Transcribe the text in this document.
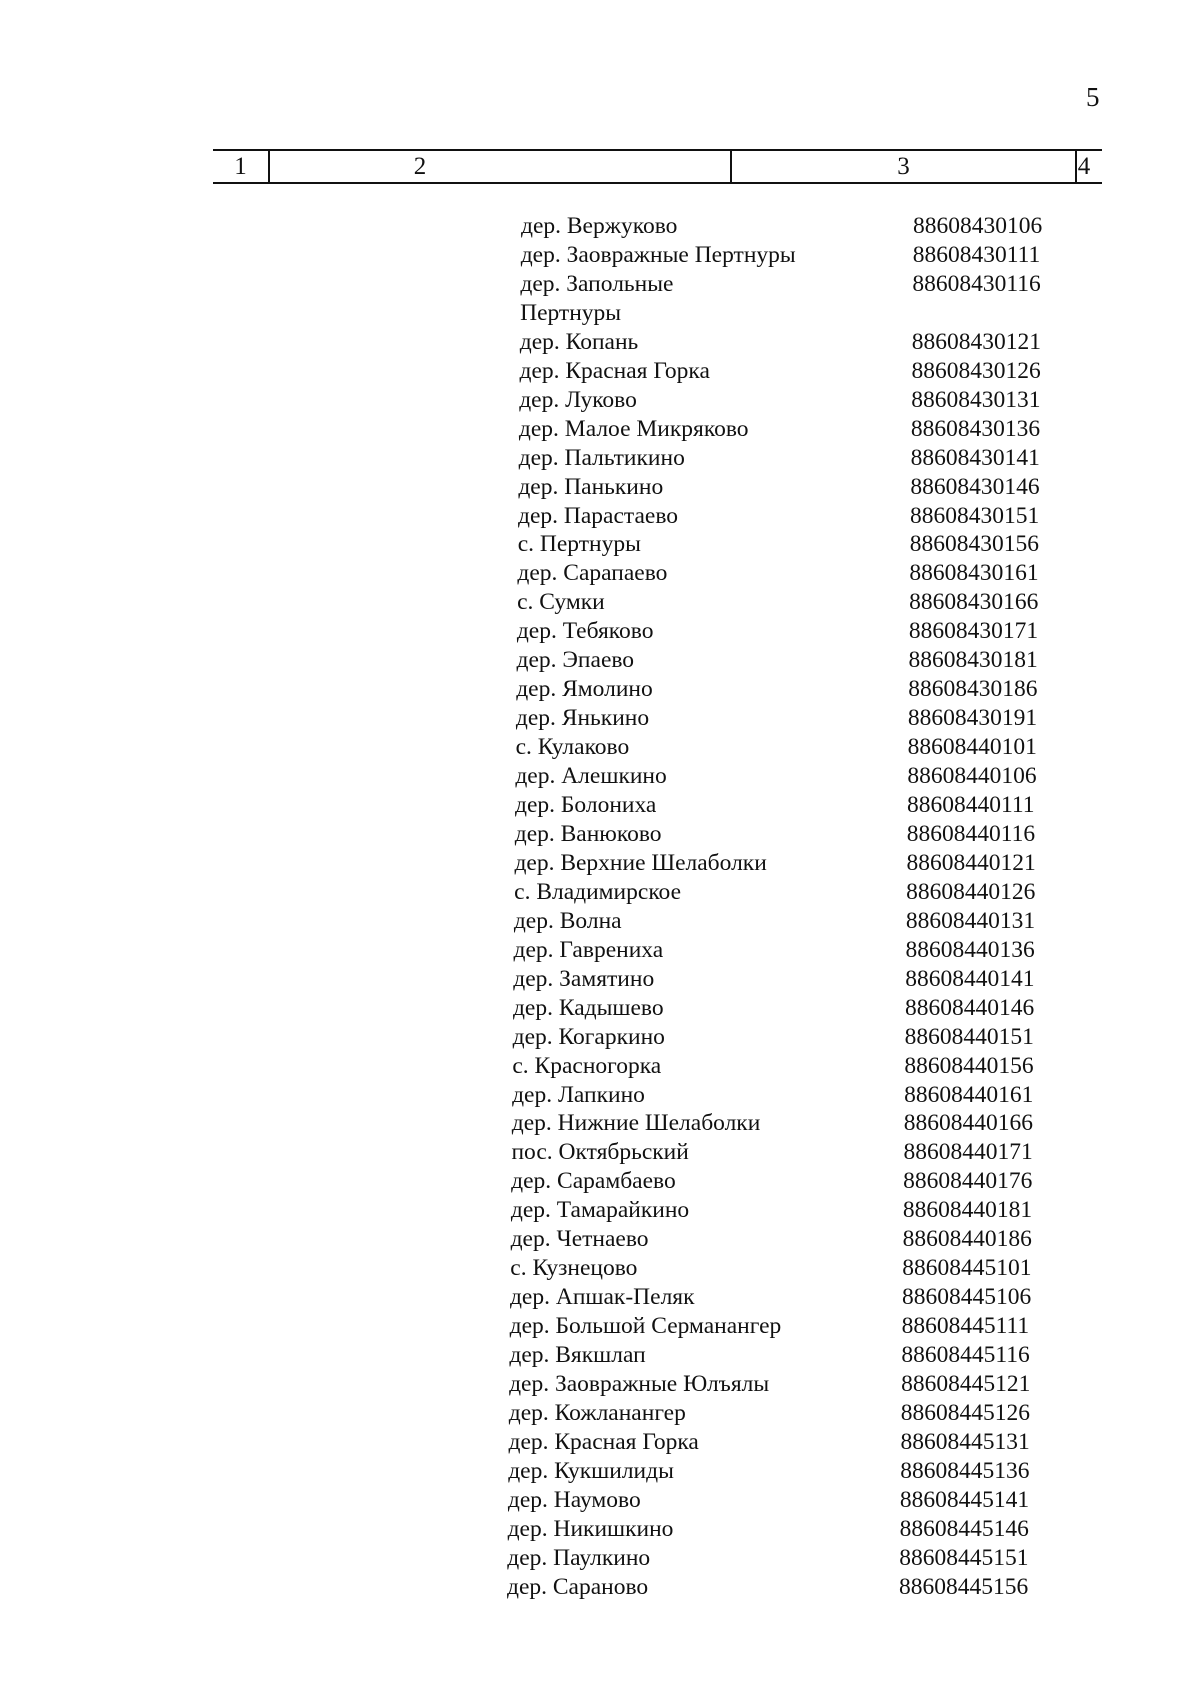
5
1	2	3	4
дер. Вержуково	88608430106
дер. Заовражные Пертнуры	88608430111
дер. Запольные	88608430116
Пертнуры
дер. Копань	88608430121
дер. Красная Горка	88608430126
дер. Луково	88608430131
дер. Малое Микряково	88608430136
дер. Пальтикино	88608430141
дер. Панькино	88608430146
дер. Парастаево	88608430151
с. Пертнуры	88608430156
дер. Сарапаево	88608430161
с. Сумки	88608430166
дер. Тебяково	88608430171
дер. Эпаево	88608430181
дер. Ямолино	88608430186
дер. Янькино	88608430191
с. Кулаково	88608440101
дер. Алешкино	88608440106
дер. Болониха	88608440111
дер. Ванюково	88608440116
дер. Верхние Шелаболки	88608440121
с. Владимирское	88608440126
дер. Волна	88608440131
дер. Гаврениха	88608440136
дер. Замятино	88608440141
дер. Кадышево	88608440146
дер. Когаркино	88608440151
с. Красногорка	88608440156
дер. Лапкино	88608440161
дер. Нижние Шелаболки	88608440166
пос. Октябрьский	88608440171
дер. Сарамбаево	88608440176
дер. Тамарайкино	88608440181
дер. Четнаево	88608440186
с. Кузнецово	88608445101
дер. Апшак-Пеляк	88608445106
дер. Большой Серманангер	88608445111
дер. Вякшлап	88608445116
дер. Заовражные Юлъялы	88608445121
дер. Кожланангер	88608445126
дер. Красная Горка	88608445131
дер. Кукшилиды	88608445136
дер. Наумово	88608445141
дер. Никишкино	88608445146
дер. Паулкино	88608445151
дер. Сараново	88608445156
